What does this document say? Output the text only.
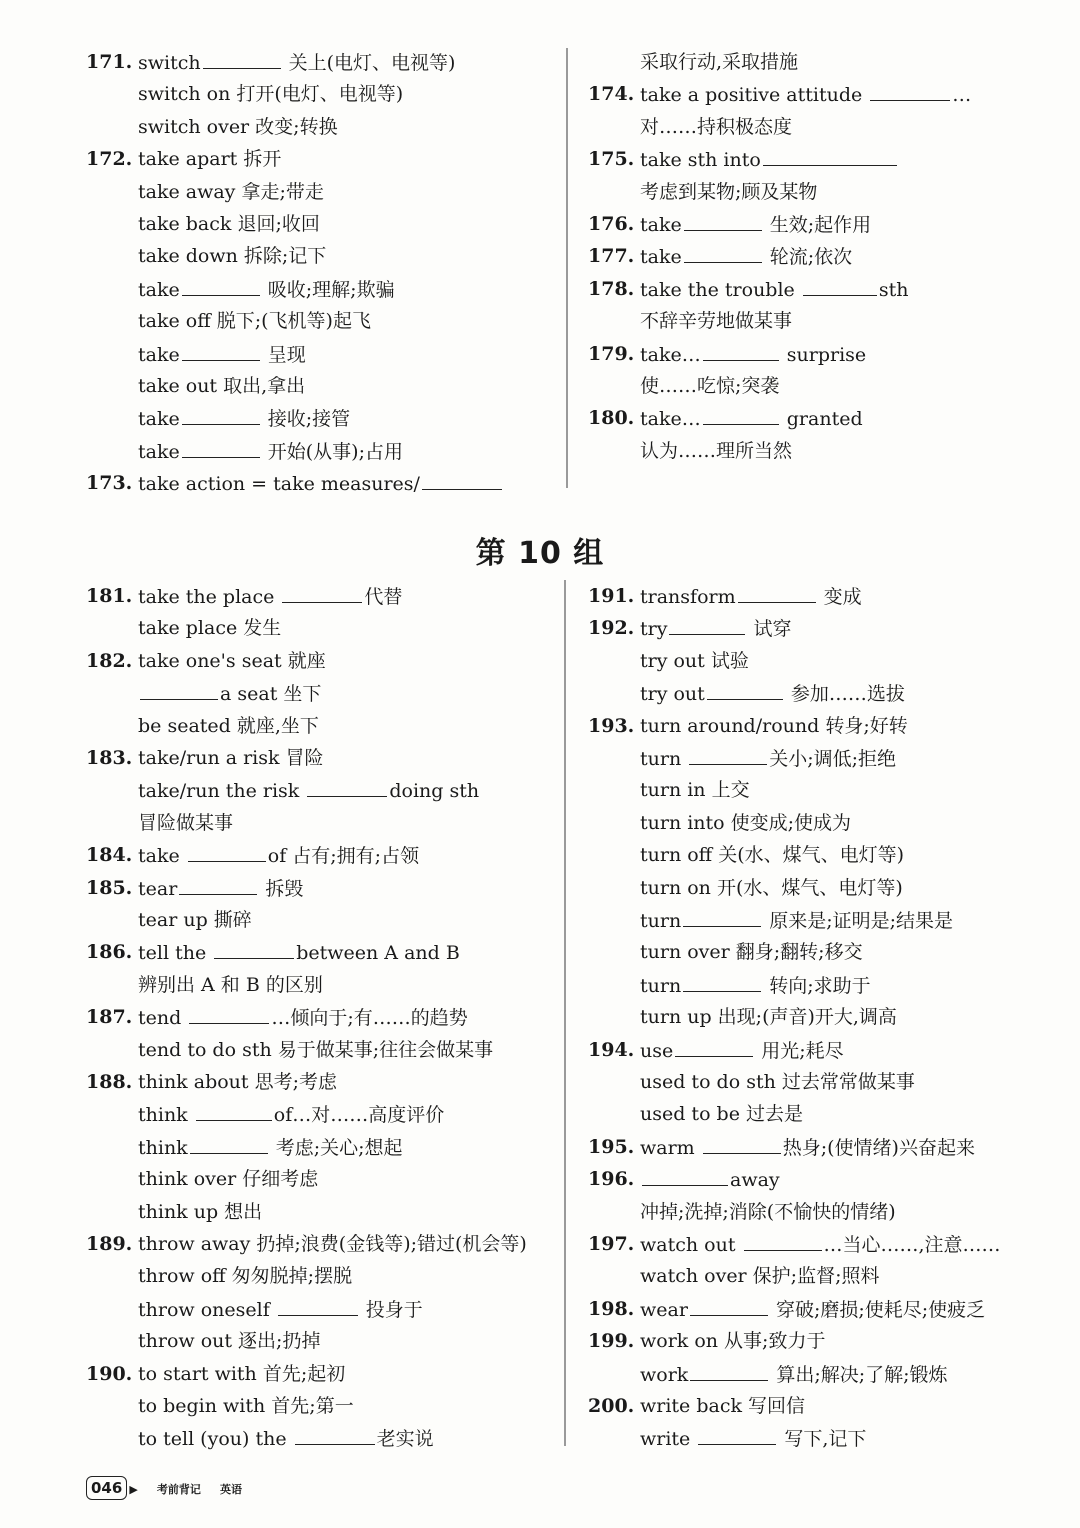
171. switch	关上(电灯、电视等)
switch on 打开(电灯、电视等)
switch over 改变;转换
172. take apart 拆开
take away 拿走;带走
take back 退回;收回
take down 拆除;记下
take	吸收;理解;欺骗
take off 脱下;(飞机等)起飞
take	呈现
take out 取出,拿出
take	接收;接管
take	开始(从事);占用
173. take action = take measures/
采取行动,采取措施
174. take a positive attitude	…
对……持积极态度
175. take sth into
考虑到某物;顾及某物
176. take	生效;起作用
177. take	轮流;依次
178. take the trouble	sth
不辞辛劳地做某事
179. take…	surprise
使……吃惊;突袭
180. take…	granted
认为……理所当然
第 10 组
181. take the place	代替
take place 发生
182. take one's seat 就座
a seat 坐下
be seated 就座,坐下
183. take/run a risk 冒险
take/run the risk	doing sth
冒险做某事
184. take	of 占有;拥有;占领
185. tear	拆毁
tear up 撕碎
186. tell the	between A and B
辨别出 A 和 B 的区别
187. tend	…倾向于;有……的趋势
tend to do sth 易于做某事;往往会做某事
188. think about 思考;考虑
think	of…对……高度评价
think	考虑;关心;想起
think over 仔细考虑
think up 想出
189. throw away 扔掉;浪费(金钱等);错过(机会等)
throw off 匆匆脱掉;摆脱
throw oneself	投身于
throw out 逐出;扔掉
190. to start with 首先;起初
to begin with 首先;第一
to tell (you) the	老实说
191. transform	变成
192. try	试穿
try out 试验
try out	参加……选拔
193. turn around/round 转身;好转
turn	关小;调低;拒绝
turn in 上交
turn into 使变成;使成为
turn off 关(水、煤气、电灯等)
turn on 开(水、煤气、电灯等)
turn	原来是;证明是;结果是
turn over 翻身;翻转;移交
turn	转向;求助于
turn up 出现;(声音)开大,调高
194. use	用光;耗尽
used to do sth 过去常常做某事
used to be 过去是
195. warm	热身;(使情绪)兴奋起来
196.	away
冲掉;洗掉;消除(不愉快的情绪)
197. watch out	…当心……,注意……
watch over 保护;监督;照料
198. wear	穿破;磨损;使耗尽;使疲乏
199. work on 从事;致力于
work	算出;解决;了解;锻炼
200. write back 写回信
write	写下,记下
046 ▶ 考前背记 英语
